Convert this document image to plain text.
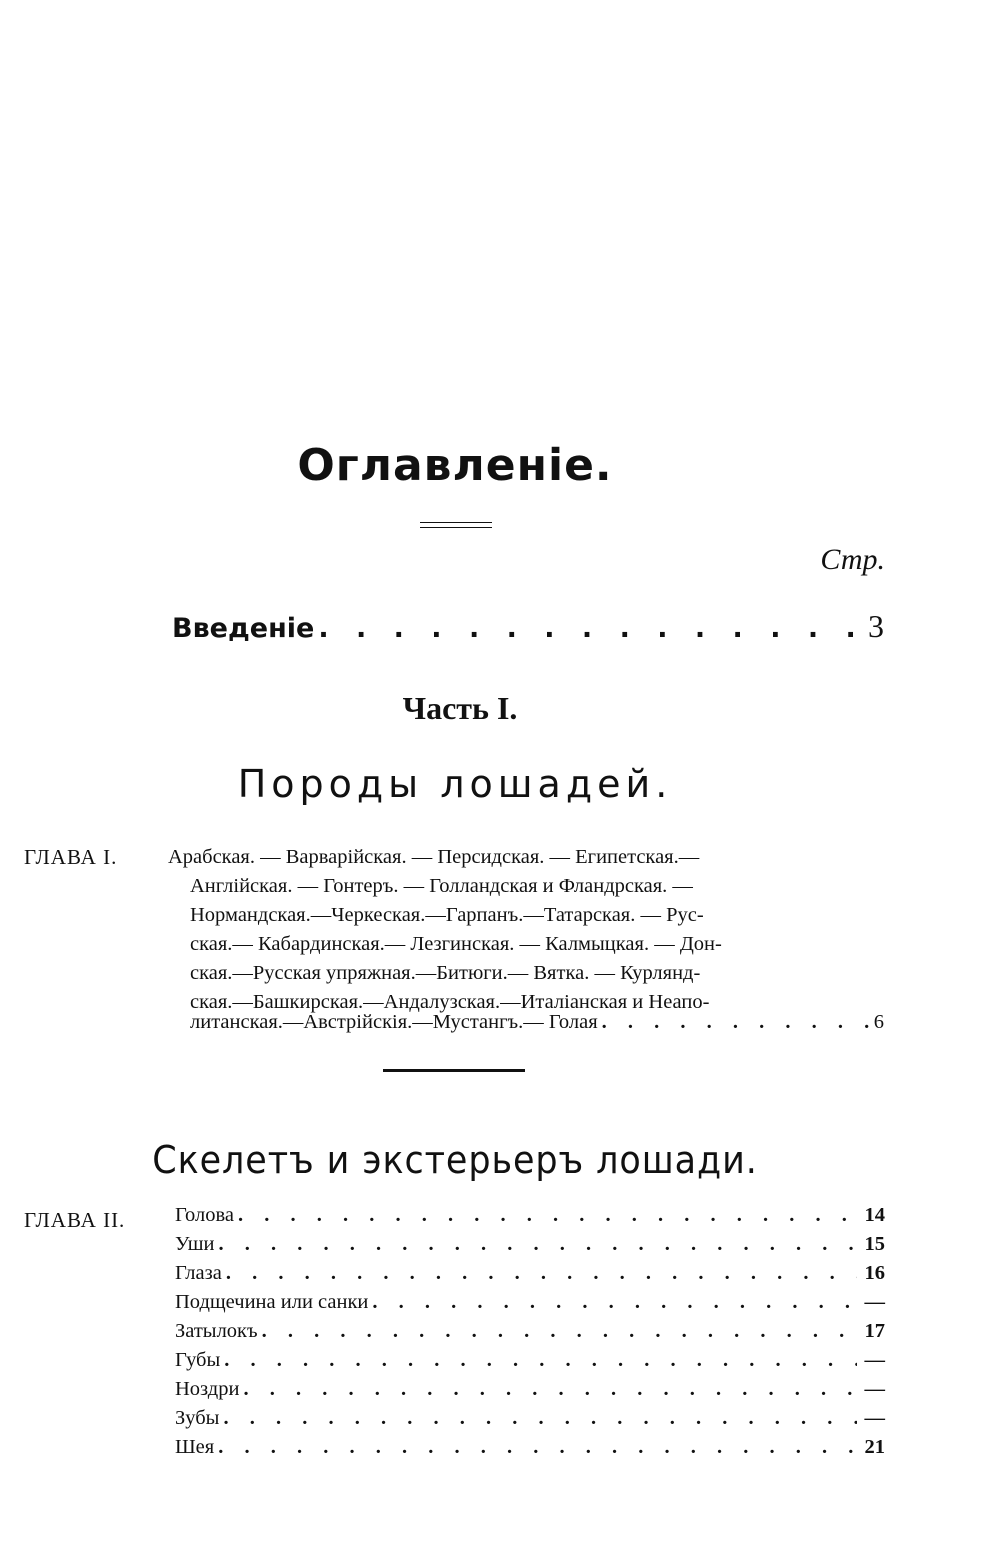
Оглавленіе.
Стр.
Введеніе . . .	3
Часть I.
Породы лошадей.
ГЛАВА I. Арабская. — Варварійская. — Персидская. — Египетская.—
Англійская. — Гонтеръ. — Голландская и Фландрская. —
Нормандская.—Черкеская.—Гарпанъ.—Татарская. — Рус-
ская.— Кабардинская.— Лезгинская. — Калмыцкая. — Дон-
ская.—Русская упряжная.—Битюги.— Вятка. — Курлянд-
ская.—Башкирская.—Андалузская.—Италіанская и Неапо-
литанская.—Австрійскія.—Мустангъ.— Голая . . .	6
Скелетъ и экстерьеръ лошади.
ГЛАВА II. Голова . . .	14
Уши . . .	15
Глаза . . .	16
Подщечина или санки . . .	—
Затылокъ . . .	17
Губы . . .	—
Ноздри . . .	—
Зубы . . .	—
Шея . . .	21
